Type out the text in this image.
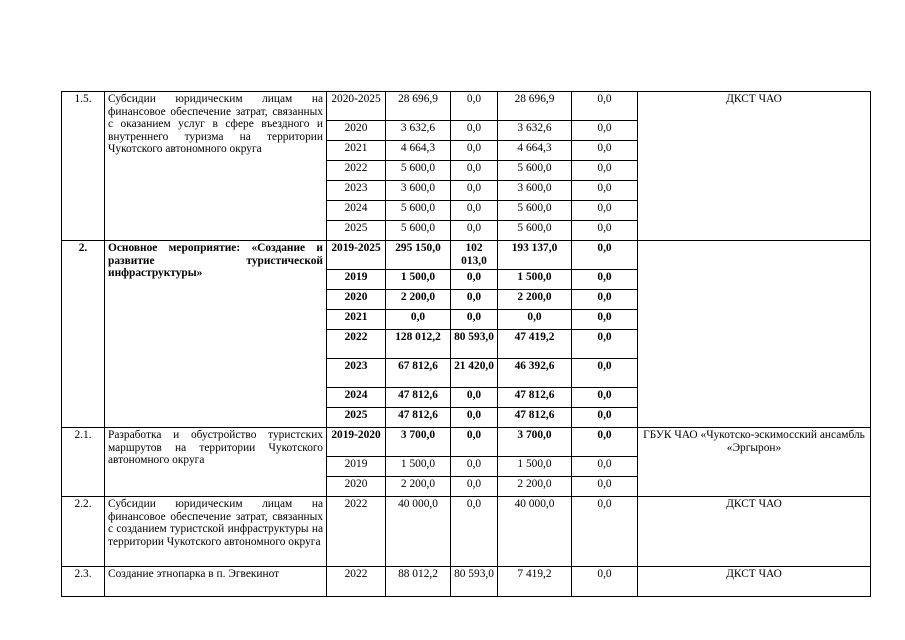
1.5.	Субсидии юридическим лицам на финансовое обеспечение затрат, связанных с оказанием услуг в сфере въездного и внутреннего туризма на территории Чукотского автономного округа	2020-2025	28 696,9	0,0	28 696,9	0,0	ДКСТ ЧАО
		2020	3 632,6	0,0	3 632,6	0,0	
		2021	4 664,3	0,0	4 664,3	0,0	
		2022	5 600,0	0,0	5 600,0	0,0	
		2023	3 600,0	0,0	3 600,0	0,0	
		2024	5 600,0	0,0	5 600,0	0,0	
		2025	5 600,0	0,0	5 600,0	0,0	
2.	Основное мероприятие: «Создание и развитие туристической инфраструктуры»	2019-2025	295 150,0	102 013,0	193 137,0	0,0	
		2019	1 500,0	0,0	1 500,0	0,0	
		2020	2 200,0	0,0	2 200,0	0,0	
		2021	0,0	0,0	0,0	0,0	
		2022	128 012,2	80 593,0	47 419,2	0,0	
		2023	67 812,6	21 420,0	46 392,6	0,0	
		2024	47 812,6	0,0	47 812,6	0,0	
		2025	47 812,6	0,0	47 812,6	0,0	
2.1.	Разработка и обустройство туристских маршрутов на территории Чукотского автономного округа	2019-2020	3 700,0	0,0	3 700,0	0,0	ГБУК ЧАО «Чукотско-эскимосский ансамбль «Эргырон»
		2019	1 500,0	0,0	1 500,0	0,0	
		2020	2 200,0	0,0	2 200,0	0,0	
2.2.	Субсидии юридическим лицам на финансовое обеспечение затрат, связанных с созданием туристской инфраструктуры на территории Чукотского автономного округа	2022	40 000,0	0,0	40 000,0	0,0	ДКСТ ЧАО
2.3.	Создание этнопарка в п. Эгвекинот	2022	88 012,2	80 593,0	7 419,2	0,0	ДКСТ ЧАО
